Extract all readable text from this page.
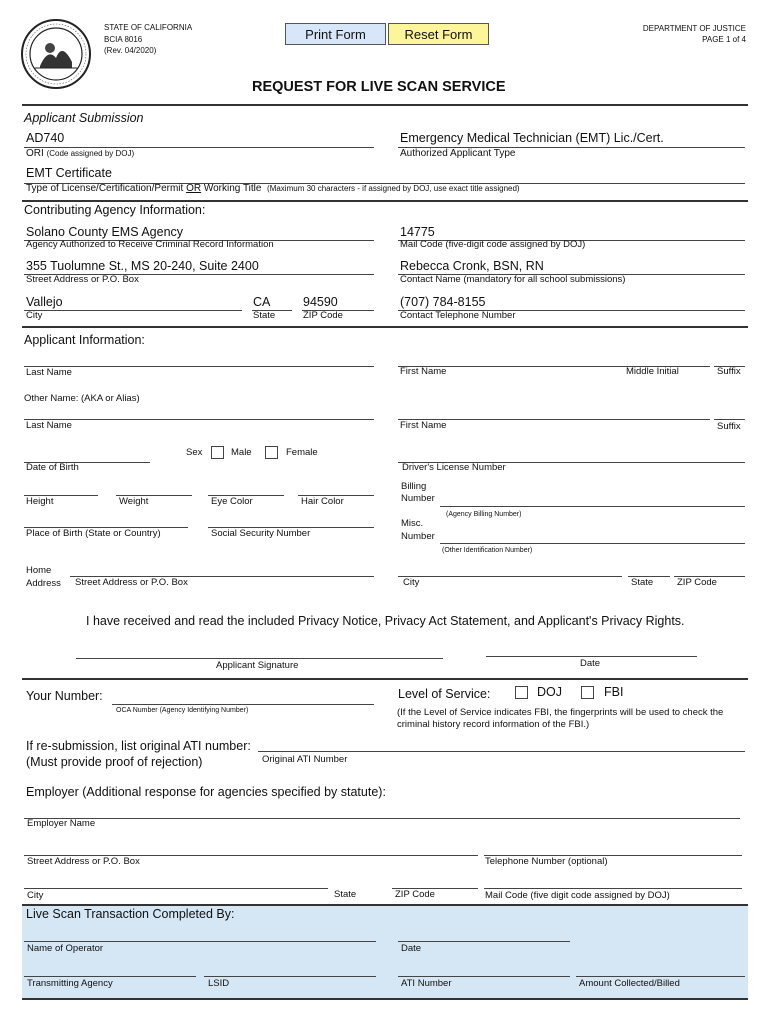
STATE OF CALIFORNIA
BCIA 8016
(Rev. 04/2020)
Print Form	Reset Form	DEPARTMENT OF JUSTICE
PAGE 1 of 4
REQUEST FOR LIVE SCAN SERVICE
Applicant Submission
AD740
ORI (Code assigned by DOJ)
Emergency Medical Technician (EMT) Lic./Cert.
Authorized Applicant Type
EMT Certificate
Type of License/Certification/Permit OR Working Title (Maximum 30 characters - if assigned by DOJ, use exact title assigned)
Contributing Agency Information:
Solano County EMS Agency
Agency Authorized to Receive Criminal Record Information
14775
Mail Code (five-digit code assigned by DOJ)
355 Tuolumne St., MS 20-240, Suite 2400
Street Address or P.O. Box
Rebecca Cronk, BSN, RN
Contact Name (mandatory for all school submissions)
Vallejo
City
CA
State
94590
ZIP Code
(707) 784-8155
Contact Telephone Number
Applicant Information:
Last Name	First Name	Middle Initial	Suffix
Other Name: (AKA or Alias)
Last Name	First Name	Suffix
Sex	Male	Female
Date of Birth	Driver's License Number
Height	Weight	Eye Color	Hair Color
Billing
Number
(Agency Billing Number)
Place of Birth (State or Country)	Social Security Number
Misc.
Number
(Other Identification Number)
Home
Address Street Address or P.O. Box	City	State	ZIP Code
I have received and read the included Privacy Notice, Privacy Act Statement, and Applicant's Privacy Rights.
Applicant Signature	Date
Your Number:
OCA Number (Agency Identifying Number)
Level of Service:	DOJ	FBI
(If the Level of Service indicates FBI, the fingerprints will be used to check the
criminal history record information of the FBI.)
If re-submission, list original ATI number:
(Must provide proof of rejection)	Original ATI Number
Employer (Additional response for agencies specified by statute):
Employer Name
Street Address or P.O. Box	Telephone Number (optional)
City	State	ZIP Code	Mail Code (five digit code assigned by DOJ)
Live Scan Transaction Completed By:
Name of Operator	Date
Transmitting Agency	LSID	ATI Number	Amount Collected/Billed
